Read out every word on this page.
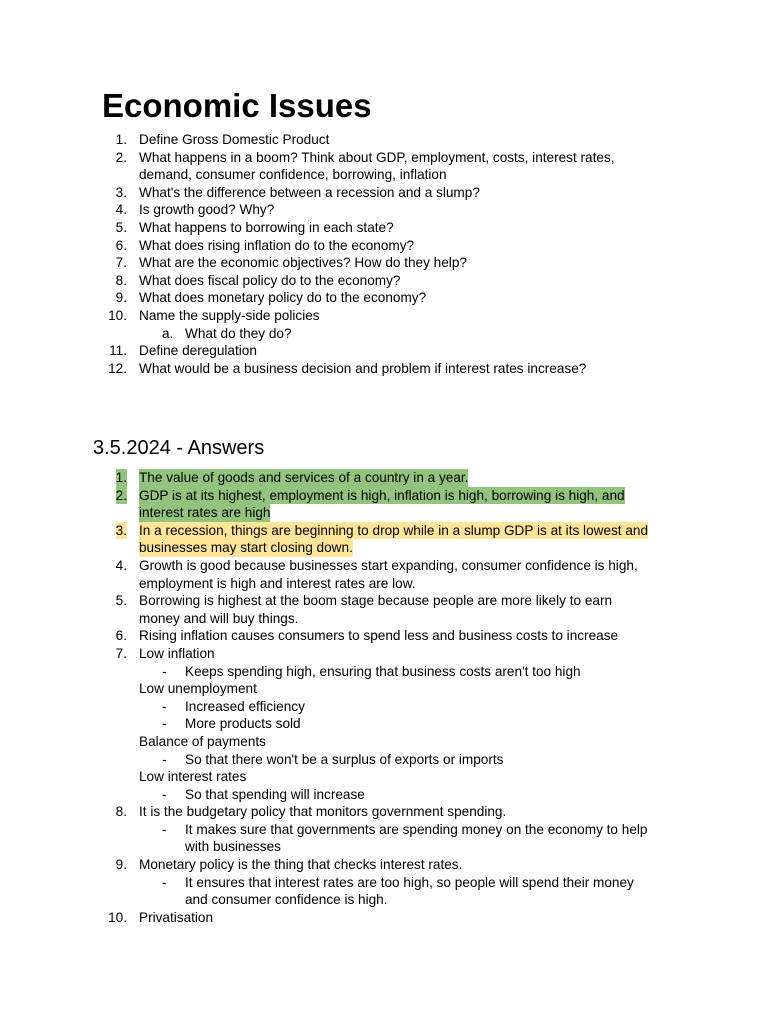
Economic Issues
1. Define Gross Domestic Product
2. What happens in a boom? Think about GDP, employment, costs, interest rates,
demand, consumer confidence, borrowing, inflation
3. What's the difference between a recession and a slump?
4. Is growth good? Why?
5. What happens to borrowing in each state?
6. What does rising inflation do to the economy?
7. What are the economic objectives? How do they help?
8. What does fiscal policy do to the economy?
9. What does monetary policy do to the economy?
10. Name the supply-side policies
a. What do they do?
11. Define deregulation
12. What would be a business decision and problem if interest rates increase?
3.5.2024 - Answers
1. The value of goods and services of a country in a year.
2. GDP is at its highest, employment is high, inflation is high, borrowing is high, and
interest rates are high
3. In a recession, things are beginning to drop while in a slump GDP is at its lowest and
businesses may start closing down.
4. Growth is good because businesses start expanding, consumer confidence is high,
employment is high and interest rates are low.
5. Borrowing is highest at the boom stage because people are more likely to earn
money and will buy things.
6. Rising inflation causes consumers to spend less and business costs to increase
7. Low inflation
- Keeps spending high, ensuring that business costs aren't too high
Low unemployment
- Increased efficiency
- More products sold
Balance of payments
- So that there won't be a surplus of exports or imports
Low interest rates
- So that spending will increase
8. It is the budgetary policy that monitors government spending.
- It makes sure that governments are spending money on the economy to help
with businesses
9. Monetary policy is the thing that checks interest rates.
- It ensures that interest rates are too high, so people will spend their money
and consumer confidence is high.
10. Privatisation
